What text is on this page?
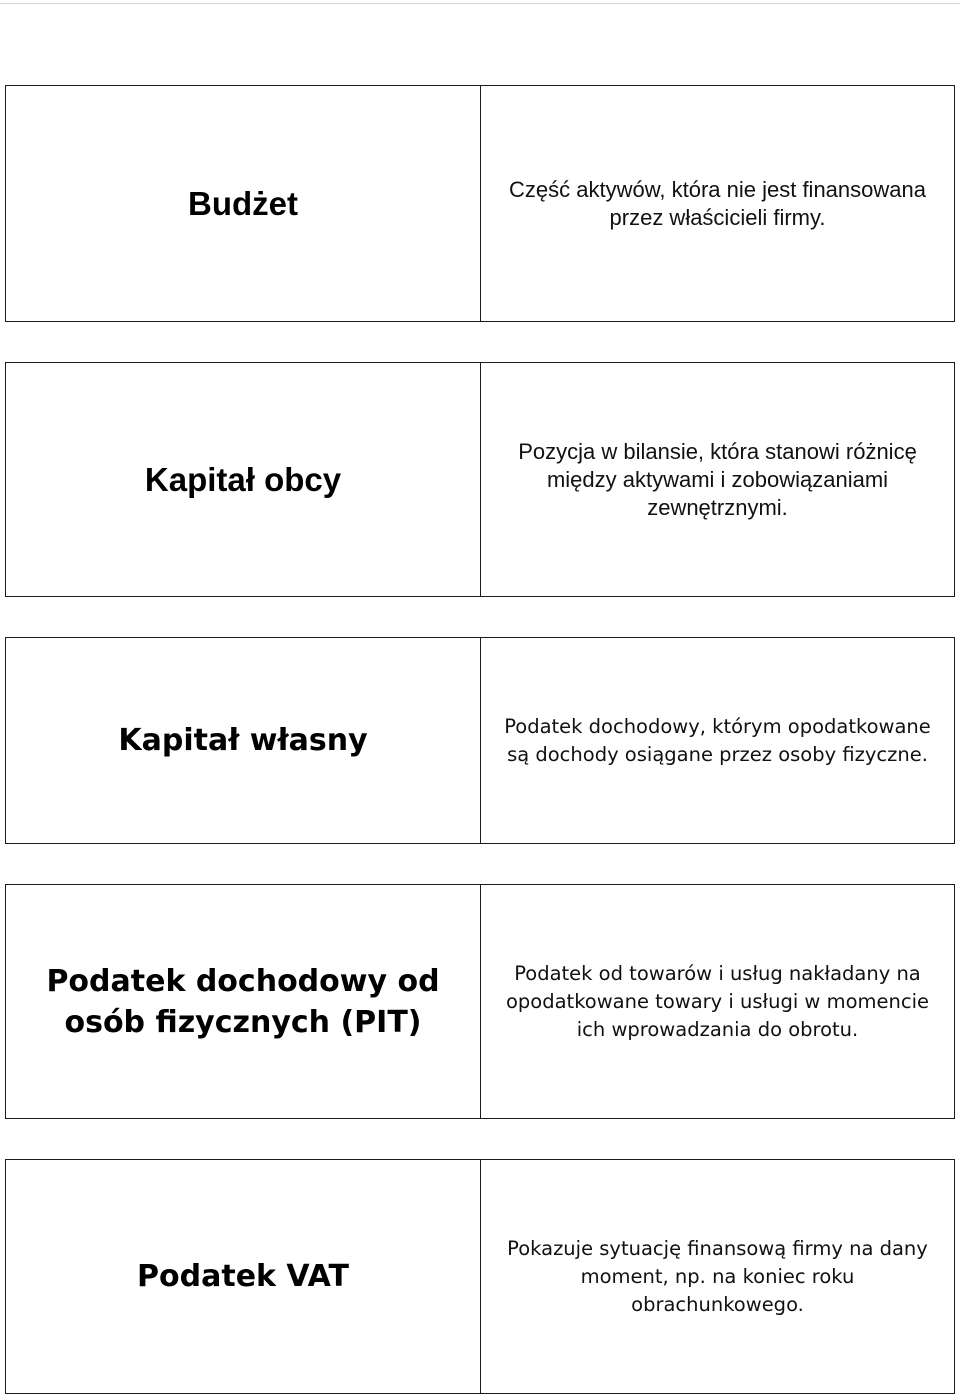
Budżet	Część aktywów, która nie jest finansowana przez właścicieli firmy.
Kapitał obcy
Pozycja w bilansie, która stanowi różnicę między aktywami i zobowiązaniami zewnętrznymi.
Kapitał własny	Podatek dochodowy, którym opodatkowane są dochody osiągane przez osoby fizyczne.
Podatek dochodowy od osób fizycznych (PIT)
Podatek od towarów i usług nakładany na opodatkowane towary i usługi w momencie ich wprowadzania do obrotu.
Podatek VAT
Pokazuje sytuację finansową firmy na dany moment, np. na koniec roku obrachunkowego.
